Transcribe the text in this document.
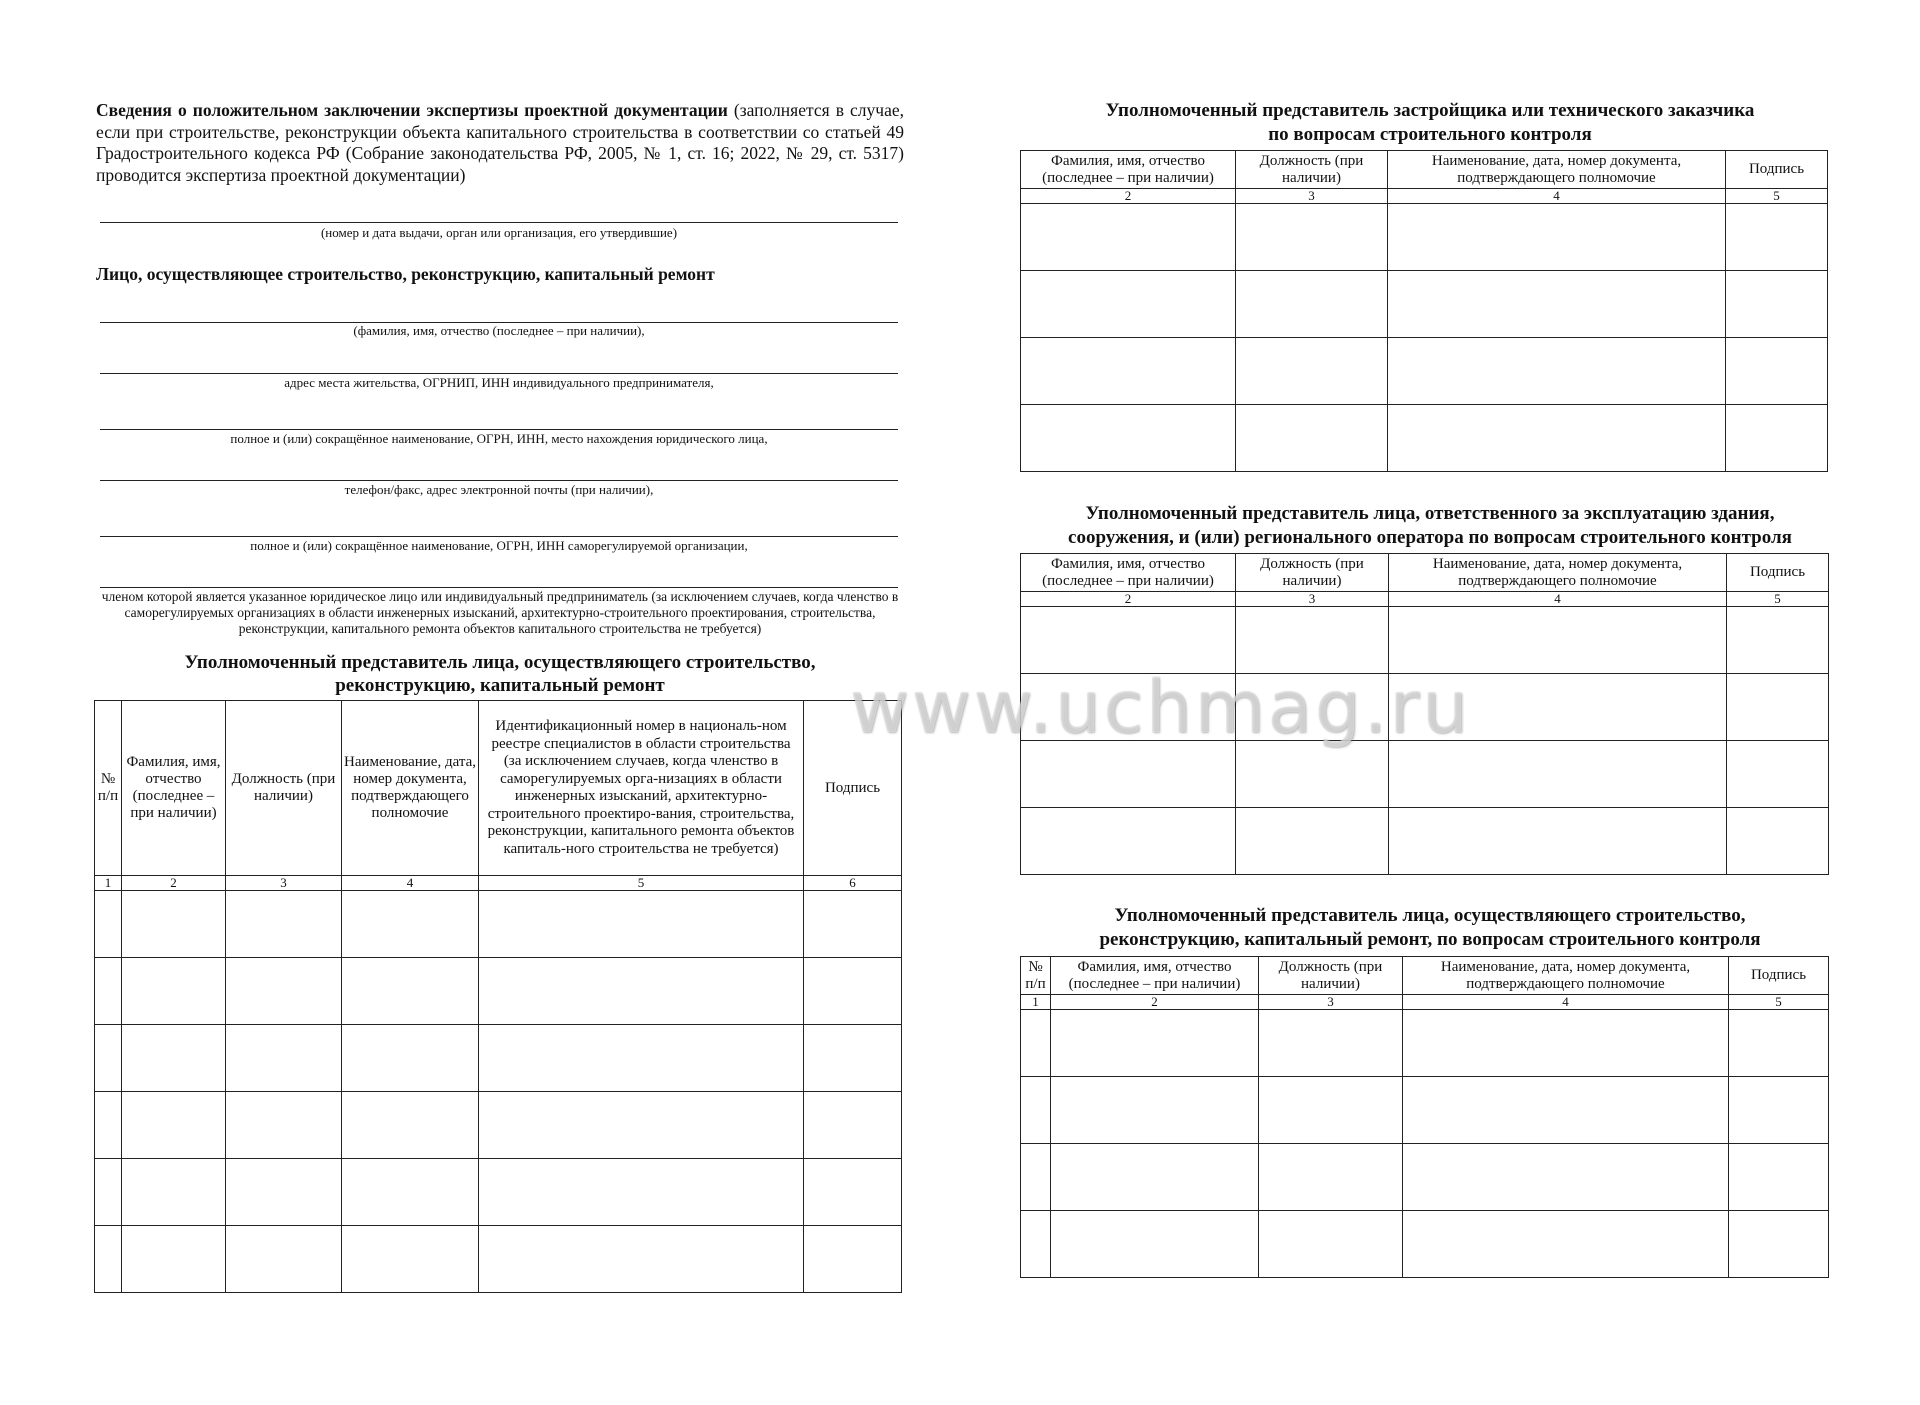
Сведения о положительном заключении экспертизы проектной документации (заполняется в случае, если при строительстве, реконструкции объекта капитального строительства в соответствии со статьей 49 Градостроительного кодекса РФ (Собрание законодательства РФ, 2005, № 1, ст. 16; 2022, № 29, ст. 5317) проводится экспертиза проектной документации)
(номер и дата выдачи, орган или организация, его утвердившие)
Лицо, осуществляющее строительство, реконструкцию, капитальный ремонт
(фамилия, имя, отчество (последнее – при наличии),
адрес места жительства, ОГРНИП, ИНН индивидуального предпринимателя,
полное и (или) сокращённое наименование, ОГРН, ИНН, место нахождения юридического лица,
телефон/факс, адрес электронной почты (при наличии),
полное и (или) сокращённое наименование, ОГРН, ИНН саморегулируемой организации,
членом которой является указанное юридическое лицо или индивидуальный предприниматель (за исключением случаев, когда членство в саморегулируемых организациях в области инженерных изысканий, архитектурно-строительного проектирования, строительства, реконструкции, капитального ремонта объектов капитального строительства не требуется)
Уполномоченный представитель лица, осуществляющего строительство,
реконструкцию, капитальный ремонт
№ п/п	Фамилия, имя, отчество (последнее – при наличии)	Должность (при наличии)	Наименование, дата, номер документа, подтверждающего полномочие	Идентификационный номер в националь-ном реестре специалистов в области строительства (за исключением случаев, когда членство в саморегулируемых орга-низациях в области инженерных изысканий, архитектурно-строительного проектиро-вания, строительства, реконструкции, капитального ремонта объектов капиталь-ного строительства не требуется)	Подпись
1	2	3	4	5	6

Уполномоченный представитель застройщика или технического заказчика
по вопросам строительного контроля
Фамилия, имя, отчество (последнее – при наличии)	Должность (при наличии)	Наименование, дата, номер документа, подтверждающего полномочие	Подпись
2	3	4	5

Уполномоченный представитель лица, ответственного за эксплуатацию здания,
сооружения, и (или) регионального оператора по вопросам строительного контроля
Фамилия, имя, отчество (последнее – при наличии)	Должность (при наличии)	Наименование, дата, номер документа, подтверждающего полномочие	Подпись
2	3	4	5

Уполномоченный представитель лица, осуществляющего строительство,
реконструкцию, капитальный ремонт, по вопросам строительного контроля
№ п/п	Фамилия, имя, отчество (последнее – при наличии)	Должность (при наличии)	Наименование, дата, номер документа, подтверждающего полномочие	Подпись
1	2	3	4	5

www.uchmag.ru
